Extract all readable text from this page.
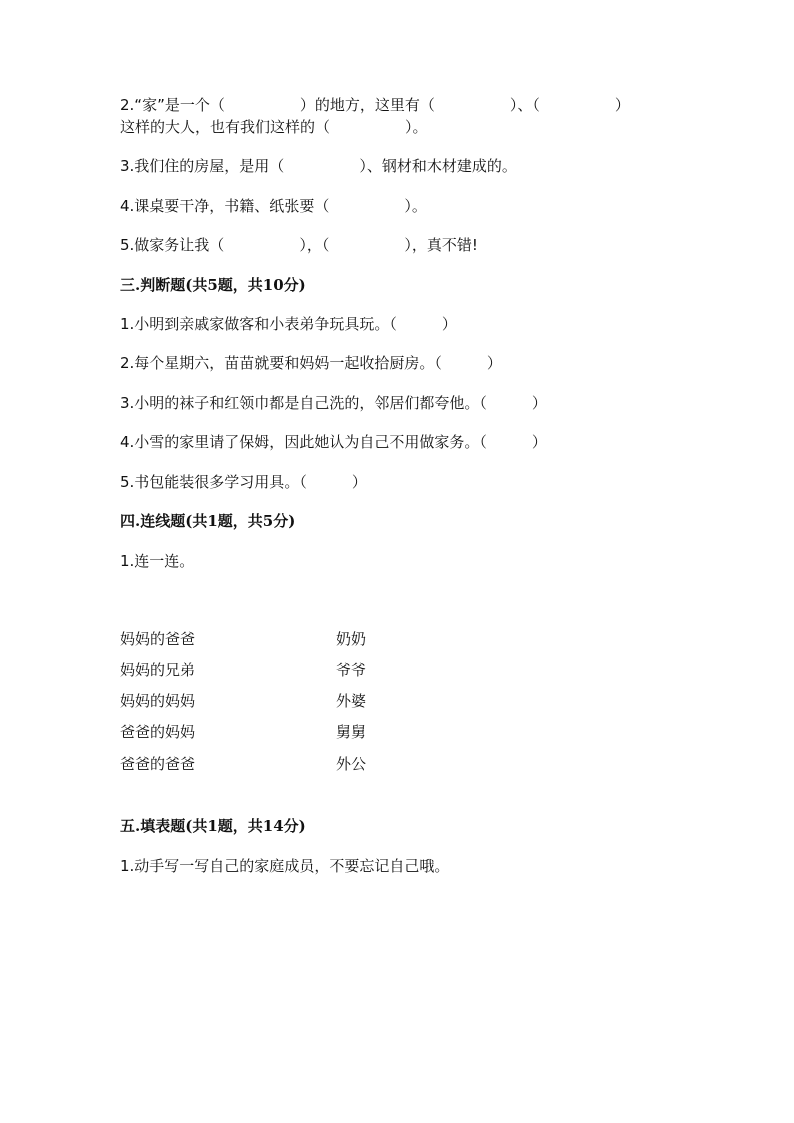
2.“家”是一个（　　　　　）的地方，这里有（　　　　　）、（　　　　　）
这样的大人，也有我们这样的（　　　　　）。
3.我们住的房屋，是用（　　　　　）、钢材和木材建成的。
4.课桌要干净，书籍、纸张要（　　　　　）。
5.做家务让我（　　　　　），（　　　　　），真不错!
三.判断题(共5题，共10分)
1.小明到亲戚家做客和小表弟争玩具玩。（　　　）
2.每个星期六，苗苗就要和妈妈一起收拾厨房。（　　　）
3.小明的袜子和红领巾都是自己洗的，邻居们都夸他。（　　　）
4.小雪的家里请了保姆，因此她认为自己不用做家务。（　　　）
5.书包能装很多学习用具。（　　　）
四.连线题(共1题，共5分)
1.连一连。
妈妈的爸爸
妈妈的兄弟
妈妈的妈妈
爸爸的妈妈
爸爸的爸爸
奶奶
爷爷
外婆
舅舅
外公
五.填表题(共1题，共14分)
1.动手写一写自己的家庭成员，不要忘记自己哦。
